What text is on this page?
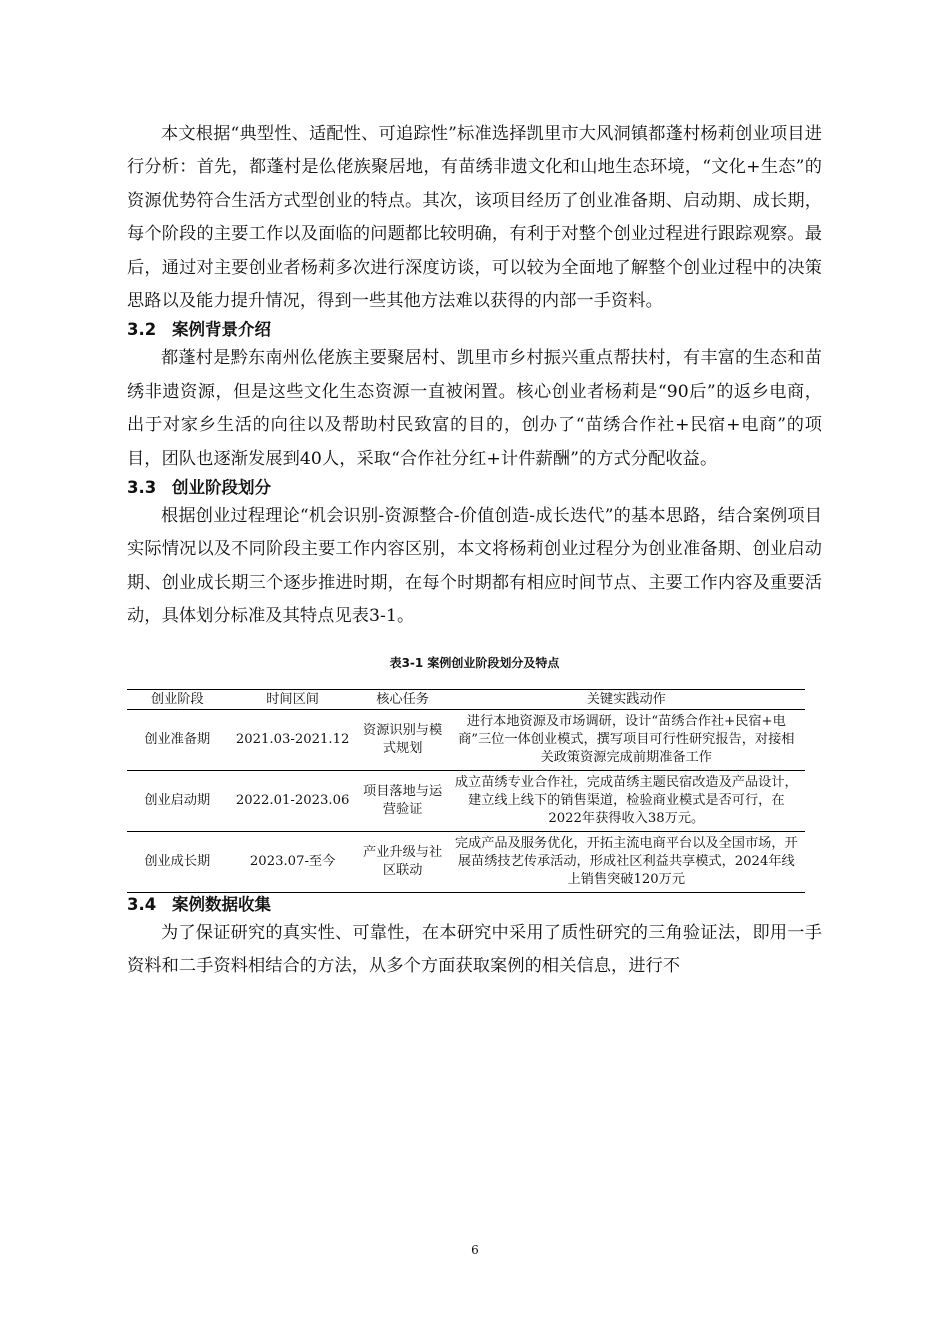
本文根据“典型性、适配性、可追踪性”标准选择凯里市大风洞镇都蓬村杨莉创业项目进行分析：首先，都蓬村是仫佬族聚居地，有苗绣非遗文化和山地生态环境，“文化+生态”的资源优势符合生活方式型创业的特点。其次，该项目经历了创业准备期、启动期、成长期，每个阶段的主要工作以及面临的问题都比较明确，有利于对整个创业过程进行跟踪观察。最后，通过对主要创业者杨莉多次进行深度访谈，可以较为全面地了解整个创业过程中的决策思路以及能力提升情况，得到一些其他方法难以获得的内部一手资料。

3.2 案例背景介绍

都蓬村是黔东南州仫佬族主要聚居村、凯里市乡村振兴重点帮扶村，有丰富的生态和苗绣非遗资源，但是这些文化生态资源一直被闲置。核心创业者杨莉是“90后”的返乡电商，出于对家乡生活的向往以及帮助村民致富的目的，创办了“苗绣合作社+民宿+电商”的项目，团队也逐渐发展到40人，采取“合作社分红+计件薪酬”的方式分配收益。

3.3 创业阶段划分

根据创业过程理论“机会识别-资源整合-价值创造-成长迭代”的基本思路，结合案例项目实际情况以及不同阶段主要工作内容区别，本文将杨莉创业过程分为创业准备期、创业启动期、创业成长期三个逐步推进时期，在每个时期都有相应时间节点、主要工作内容及重要活动，具体划分标准及其特点见表3-1。

表3-1 案例创业阶段划分及特点
创业阶段	时间区间	核心任务	关键实践动作
创业准备期	2021.03-2021.12	资源识别与模式规划	进行本地资源及市场调研，设计“苗绣合作社+民宿+电商”三位一体创业模式，撰写项目可行性研究报告，对接相关政策资源完成前期准备工作
创业启动期	2022.01-2023.06	项目落地与运营验证	成立苗绣专业合作社，完成苗绣主题民宿改造及产品设计，建立线上线下的销售渠道，检验商业模式是否可行，在2022年获得收入38万元。
创业成长期	2023.07-至今	产业升级与社区联动	完成产品及服务优化，开拓主流电商平台以及全国市场，开展苗绣技艺传承活动，形成社区利益共享模式，2024年线上销售突破120万元
3.4 案例数据收集

为了保证研究的真实性、可靠性，在本研究中采用了质性研究的三角验证法，即用一手资料和二手资料相结合的方法，从多个方面获取案例的相关信息，进行不

6
